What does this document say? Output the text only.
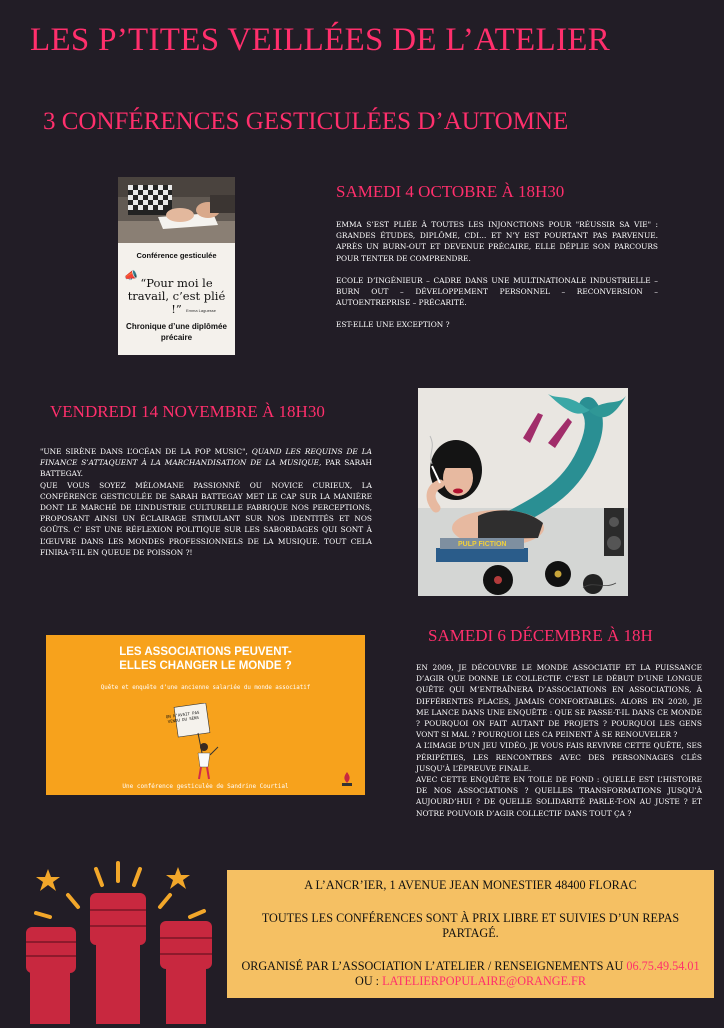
LES P’TITES VEILLÉES DE L’ATELIER
3 CONFÉRENCES GESTICULÉES D’AUTOMNE
Conférence gesticulée
📣
“Pour moi le travail, c’est plié !”	Emma Laguesse
Chronique d’une diplômée précaire
SAMEDI 4 OCTOBRE À 18H30

EMMA S’EST PLIÉE À TOUTES LES INJONCTIONS POUR "RÉUSSIR SA VIE" : GRANDES ÉTUDES, DIPLÔME, CDI… ET N’Y EST POURTANT PAS PARVENUE. APRÈS UN BURN-OUT ET DEVENUE PRÉCAIRE, ELLE DÉPLIE SON PARCOURS POUR TENTER DE COMPRENDRE.

ECOLE D’INGÉNIEUR – CADRE DANS UNE MULTINATIONALE INDUSTRIELLE – BURN OUT – DÉVELOPPEMENT PERSONNEL – RECONVERSION – AUTOENTREPRISE – PRÉCARITÉ.

EST-ELLE UNE EXCEPTION ?

VENDREDI 14 NOVEMBRE À 18H30

"UNE SIRÈNE DANS L’OCÉAN DE LA POP MUSIC", QUAND LES REQUINS DE LA FINANCE S’ATTAQUENT À LA MARCHANDISATION DE LA MUSIQUE, PAR SARAH BATTEGAY.

QUE VOUS SOYEZ MÉLOMANE PASSIONNÉ OU NOVICE CURIEUX, LA CONFÉRENCE GESTICULÉE DE SARAH BATTEGAY MET LE CAP SUR LA MANIÈRE DONT LE MARCHÉ DE L’INDUSTRIE CULTURELLE FABRIQUE NOS PERCEPTIONS, PROPOSANT AINSI UN ÉCLAIRAGE STIMULANT SUR NOS IDENTITÉS ET NOS GOÛTS. C’ EST UNE RÉFLEXION POLITIQUE SUR LES SABORDAGES QUI SONT À L’ŒUVRE DANS LES MONDES PROFESSIONNELS DE LA MUSIQUE. TOUT CELA FINIRA-T-IL EN QUEUE DE POISSON ?!

PULP FICTION
LES ASSOCIATIONS PEUVENT-ELLES CHANGER LE MONDE ?
Quête et enquête d’une ancienne salariée du monde associatif
ON N’AVAIT PAS VENDU DU SENS
Une conférence gesticulée de Sandrine Courtial
SAMEDI 6 DÉCEMBRE À 18H

EN 2009, JE DÉCOUVRE LE MONDE ASSOCIATIF ET LA PUISSANCE D’AGIR QUE DONNE LE COLLECTIF. C’EST LE DÉBUT D’UNE LONGUE QUÊTE QUI M’ENTRAÎNERA D’ASSOCIATIONS EN ASSOCIATIONS, À DIFFÉRENTES PLACES, JAMAIS CONFORTABLES. ALORS EN 2020, JE ME LANCE DANS UNE ENQUÊTE : QUE SE PASSE-T-IL DANS CE MONDE ? POURQUOI ON FAIT AUTANT DE PROJETS ? POURQUOI LES GENS VONT SI MAL ? POURQUOI LES CA PEINENT À SE RENOUVELER ?

A L’IMAGE D’UN JEU VIDÉO, JE VOUS FAIS REVIVRE CETTE QUÊTE, SES PÉRIPÉTIES, LES RENCONTRES AVEC DES PERSONNAGES CLÉS JUSQU’À L’ÉPREUVE FINALE.

AVEC CETTE ENQUÊTE EN TOILE DE FOND : QUELLE EST L’HISTOIRE DE NOS ASSOCIATIONS ? QUELLES TRANSFORMATIONS JUSQU’À AUJOURD’HUI ? DE QUELLE SOLIDARITÉ PARLE-T-ON AU JUSTE ? ET NOTRE POUVOIR D’AGIR COLLECTIF DANS TOUT ÇA ?

A L’ANCR’IER, 1 AVENUE JEAN MONESTIER 48400 FLORAC

TOUTES LES CONFÉRENCES SONT À PRIX LIBRE ET SUIVIES D’UN REPAS PARTAGÉ.

ORGANISÉ PAR L’ASSOCIATION L’ATELIER / RENSEIGNEMENTS AU 06.75.49.54.01

OU : LATELIERPOPULAIRE@ORANGE.FR
